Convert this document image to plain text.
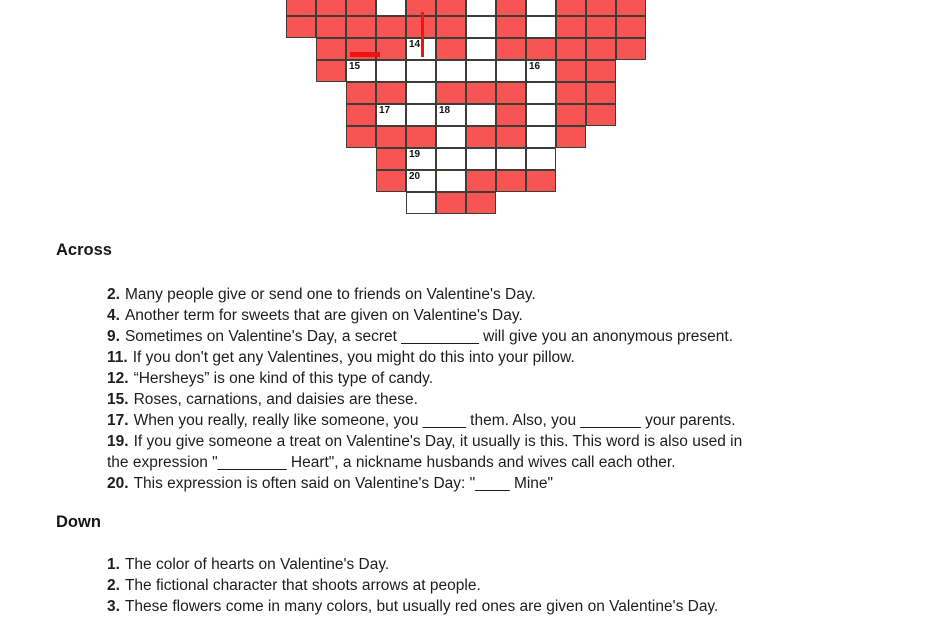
14
15	16
17	18
19
20
Across
2. Many people give or send one to friends on Valentine's Day.
4. Another term for sweets that are given on Valentine's Day.
9. Sometimes on Valentine's Day, a secret _________ will give you an anonymous present.
11. If you don't get any Valentines, you might do this into your pillow.
12. “Hersheys” is one kind of this type of candy.
15. Roses, carnations, and daisies are these.
17. When you really, really like someone, you _____ them. Also, you _______ your parents.
19. If you give someone a treat on Valentine's Day, it usually is this. This word is also used in
the expression "________ Heart", a nickname husbands and wives call each other.
20. This expression is often said on Valentine's Day: "____ Mine"
Down
1. The color of hearts on Valentine's Day.
2. The fictional character that shoots arrows at people.
3. These flowers come in many colors, but usually red ones are given on Valentine's Day.
